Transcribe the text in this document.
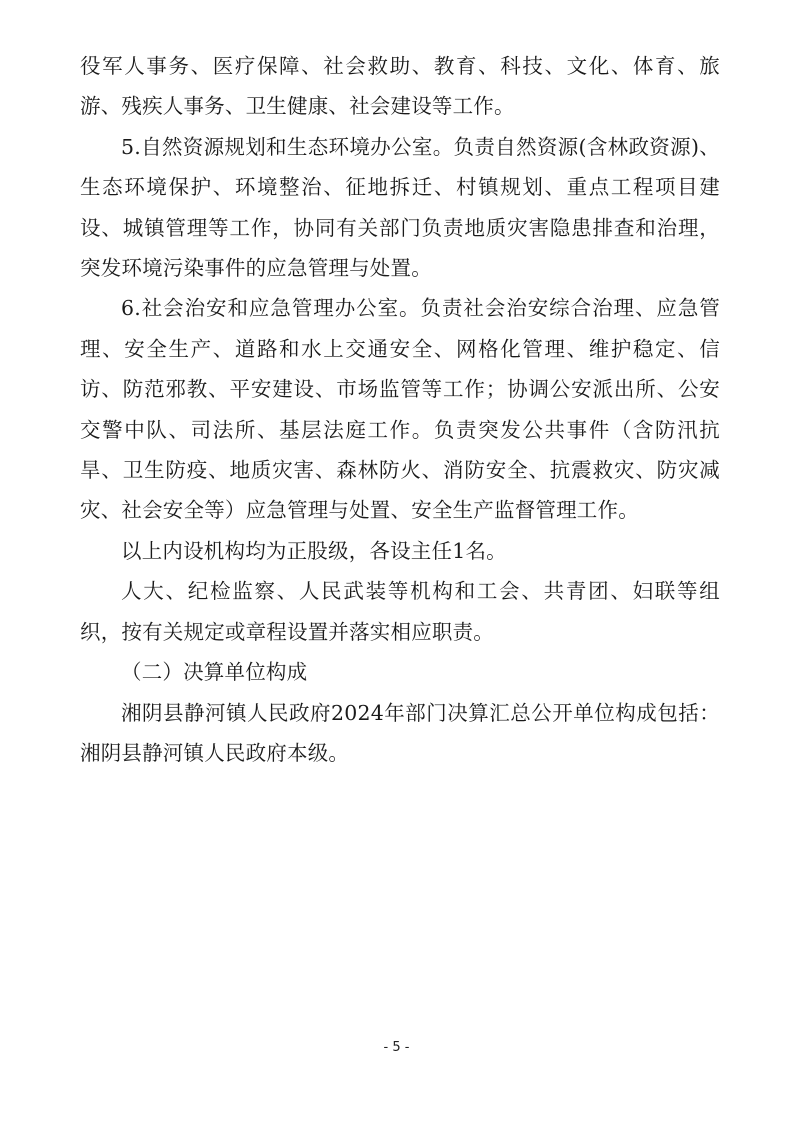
役军人事务、医疗保障、社会救助、教育、科技、文化、体育、旅游、残疾人事务、卫生健康、社会建设等工作。

5.自然资源规划和生态环境办公室。负责自然资源(含林政资源)、生态环境保护、环境整治、征地拆迁、村镇规划、重点工程项目建设、城镇管理等工作，协同有关部门负责地质灾害隐患排查和治理，突发环境污染事件的应急管理与处置。

6.社会治安和应急管理办公室。负责社会治安综合治理、应急管理、安全生产、道路和水上交通安全、网格化管理、维护稳定、信访、防范邪教、平安建设、市场监管等工作；协调公安派出所、公安交警中队、司法所、基层法庭工作。负责突发公共事件（含防汛抗旱、卫生防疫、地质灾害、森林防火、消防安全、抗震救灾、防灾减灾、社会安全等）应急管理与处置、安全生产监督管理工作。

以上内设机构均为正股级，各设主任1名。

人大、纪检监察、人民武装等机构和工会、共青团、妇联等组织，按有关规定或章程设置并落实相应职责。

（二）决算单位构成

湘阴县静河镇人民政府2024年部门决算汇总公开单位构成包括：湘阴县静河镇人民政府本级。

- 5 -
